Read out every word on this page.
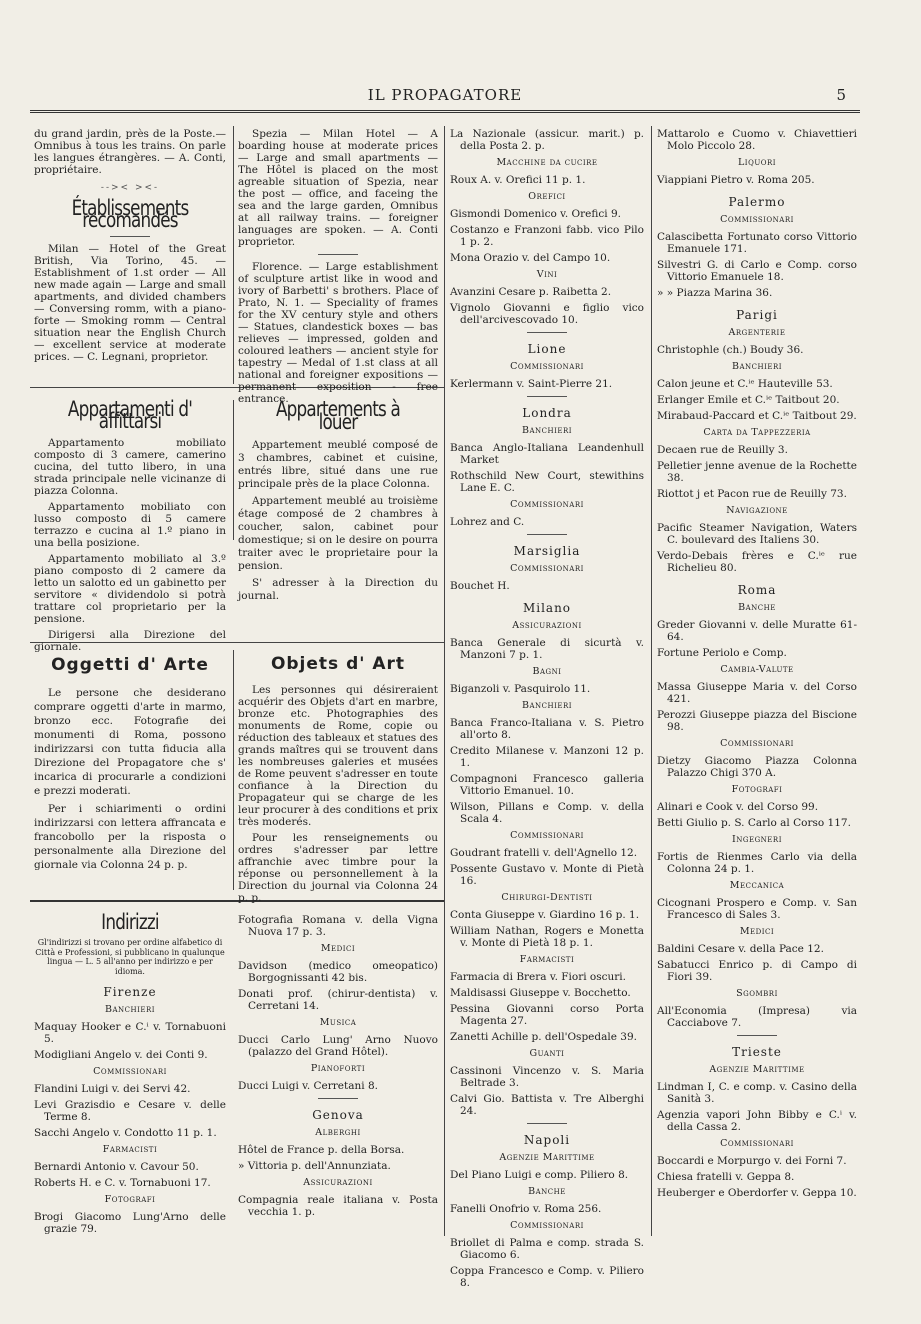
IL PROPAGATORE	5

du grand jardin, près de la Poste.— Omnibus à tous les trains. On parle les langues étrangères. — A. Conti, propriétaire.

-->< ><-
Établissements recomandés

Milan — Hotel of the Great British, Via Torino, 45. — Establishment of 1.st order — All new made again — Large and small apartments, and divided chambers — Conversing romm, with a piano-forte — Smoking romm — Central situation near the English Church — excellent service at moderate prices. — C. Legnani, proprietor.

Appartamenti d' affittarsi

Appartamento mobiliato composto di 3 camere, camerino cucina, del tutto libero, in una strada principale nelle vicinanze di piazza Colonna.

Appartamento mobiliato con lusso composto di 5 camere terrazzo e cucina al 1.º piano in una bella posizione.

Appartamento mobiliato al 3.º piano composto di 2 camere da letto un salotto ed un gabinetto per servitore « dividendolo si potrà trattare col proprietario per la pensione.

Dirigersi alla Direzione del giornale.

Oggetti d' Arte

Le persone che desiderano comprare oggetti d'arte in marmo, bronzo ecc. Fotografie dei monumenti di Roma, possono indirizzarsi con tutta fiducia alla Direzione del Propagatore che s' incarica di procurarle a condizioni e prezzi moderati.

Per i schiarimenti o ordini indirizzarsi con lettera affrancata e francobollo per la risposta o personalmente alla Direzione del giornale via Colonna 24 p. p.

Spezia — Milan Hotel — A boarding house at moderate prices — Large and small apartments — The Hôtel is placed on the most agreable situation of Spezia, near the post — office, and faceing the sea and the large garden, Omnibus at all railway trains. — foreigner languages are spoken. — A. Conti proprietor.

Florence. — Large establishment of sculpture artist like in wood and ivory of Barbetti' s brothers. Place of Prato, N. 1. — Speciality of frames for the XV century style and others — Statues, clandestick boxes — bas relieves — impressed, golden and coloured leathers — ancient style for tapestry — Medal of 1.st class at all national and foreigner expositions — permanent exposition - free entrance.

Appartements à louer

Appartement meublé composé de 3 chambres, cabinet et cuisine, entrés libre, situé dans une rue principale près de la place Colonna.

Appartement meublé au troisième étage composé de 2 chambres à coucher, salon, cabinet pour domestique; si on le desire on pourra traiter avec le proprietaire pour la pension.

S' adresser à la Direction du journal.

Objets d' Art

Les personnes qui désireraient acquérir des Objets d'art en marbre, bronze etc. Photographies des monuments de Rome, copie ou réduction des tableaux et statues des grands maîtres qui se trouvent dans les nombreuses galeries et musées de Rome peuvent s'adresser en toute confiance à la Direction du Propagateur qui se charge de les leur procurer à des conditions et prix très moderés.

Pour les renseignements ou ordres s'adresser par lettre affranchie avec timbre pour la réponse ou personnellement à la Direction du journal via Colonna 24 p. p.

Indirizzi
Gl'indirizzi si trovano per ordine alfabetico di Città e Professioni, si pubblicano in qualunque lingua — L. 5 all'anno per indirizzo e per idioma.
Firenze
Banchieri

Maquay Hooker e C.ⁱ v. Tornabuoni 5.

Modigliani Angelo v. dei Conti 9.

Commissionari

Flandini Luigi v. dei Servi 42.

Levi Grazisdio e Cesare v. delle Terme 8.

Sacchi Angelo v. Condotto 11 p. 1.

Farmacisti

Bernardi Antonio v. Cavour 50.

Roberts H. e C. v. Tornabuoni 17.

Fotografi

Brogi Giacomo Lung'Arno delle grazie 79.

Fotografia Romana v. della Vigna Nuova 17 p. 3.

Medici

Davidson (medico omeopatico) Borgognissanti 42 bis.

Donati prof. (chirur-dentista) v. Cerretani 14.

Musica

Ducci Carlo Lung' Arno Nuovo (palazzo del Grand Hôtel).

Pianoforti

Ducci Luigi v. Cerretani 8.

Genova
Alberghi

Hôtel de France p. della Borsa.

» Vittoria p. dell'Annunziata.

Assicurazioni

Compagnia reale italiana v. Posta vecchia 1. p.

La Nazionale (assicur. marit.) p. della Posta 2. p.

Macchine da cucire

Roux A. v. Orefici 11 p. 1.

Orefici

Gismondi Domenico v. Orefici 9.

Costanzo e Franzoni fabb. vico Pilo 1 p. 2.

Mona Orazio v. del Campo 10.

Vini

Avanzini Cesare p. Raibetta 2.

Vignolo Giovanni e figlio vico dell'arcivescovado 10.

Lione
Commissionari

Kerlermann v. Saint-Pierre 21.

Londra
Banchieri

Banca Anglo-Italiana Leandenhull Market

Rothschild New Court, stewithins Lane E. C.

Commissionari

Lohrez and C.

Marsiglia
Commissionari

Bouchet H.

Milano
Assicurazioni

Banca Generale di sicurtà v. Manzoni 7 p. 1.

Bagni

Biganzoli v. Pasquirolo 11.

Banchieri

Banca Franco-Italiana v. S. Pietro all'orto 8.

Credito Milanese v. Manzoni 12 p. 1.

Compagnoni Francesco galleria Vittorio Emanuel. 10.

Wilson, Pillans e Comp. v. della Scala 4.

Commissionari

Goudrant fratelli v. dell'Agnello 12.

Possente Gustavo v. Monte di Pietà 16.

Chirurgi-Dentisti

Conta Giuseppe v. Giardino 16 p. 1.

William Nathan, Rogers e Monetta v. Monte di Pietà 18 p. 1.

Farmacisti

Farmacia di Brera v. Fiori oscuri.

Maldisassi Giuseppe v. Bocchetto.

Pessina Giovanni corso Porta Magenta 27.

Zanetti Achille p. dell'Ospedale 39.

Guanti

Cassinoni Vincenzo v. S. Maria Beltrade 3.

Calvi Gio. Battista v. Tre Alberghi 24.

Napoli
Agenzie Marittime

Del Piano Luigi e comp. Piliero 8.

Banche

Fanelli Onofrio v. Roma 256.

Commissionari

Briollet di Palma e comp. strada S. Giacomo 6.

Coppa Francesco e Comp. v. Piliero 8.

Mattarolo e Cuomo v. Chiavettieri Molo Piccolo 28.

Liquori

Viappiani Pietro v. Roma 205.

Palermo
Commissionari

Calascibetta Fortunato corso Vittorio Emanuele 171.

Silvestri G. di Carlo e Comp. corso Vittorio Emanuele 18.

» » Piazza Marina 36.

Parigi
Argenterie

Christophle (ch.) Boudy 36.

Banchieri

Calon jeune et C.ⁱᵉ Hauteville 53.

Erlanger Emile et C.ⁱᵉ Taitbout 20.

Mirabaud-Paccard et C.ⁱᵉ Taitbout 29.

Carta da Tappezzeria

Decaen rue de Reuilly 3.

Pelletier jenne avenue de la Rochette 38.

Riottot j et Pacon rue de Reuilly 73.

Navigazione

Pacific Steamer Navigation, Waters C. boulevard des Italiens 30.

Verdo-Debais frères e C.ⁱᵉ rue Richelieu 80.

Roma
Banche

Greder Giovanni v. delle Muratte 61-64.

Fortune Periolo e Comp.

Cambia-Valute

Massa Giuseppe Maria v. del Corso 421.

Perozzi Giuseppe piazza del Biscione 98.

Commissionari

Dietzy Giacomo Piazza Colonna Palazzo Chigi 370 A.

Fotografi

Alinari e Cook v. del Corso 99.

Betti Giulio p. S. Carlo al Corso 117.

Ingegneri

Fortis de Rienmes Carlo via della Colonna 24 p. 1.

Meccanica

Cicognani Prospero e Comp. v. San Francesco di Sales 3.

Medici

Baldini Cesare v. della Pace 12.

Sabatucci Enrico p. di Campo di Fiori 39.

Sgombri

All'Economia (Impresa) via Cacciabove 7.

Trieste
Agenzie Marittime

Lindman I, C. e comp. v. Casino della Sanità 3.

Agenzia vapori John Bibby e C.ⁱ v. della Cassa 2.

Commissionari

Boccardi e Morpurgo v. dei Forni 7.

Chiesa fratelli v. Geppa 8.

Heuberger e Oberdorfer v. Geppa 10.
